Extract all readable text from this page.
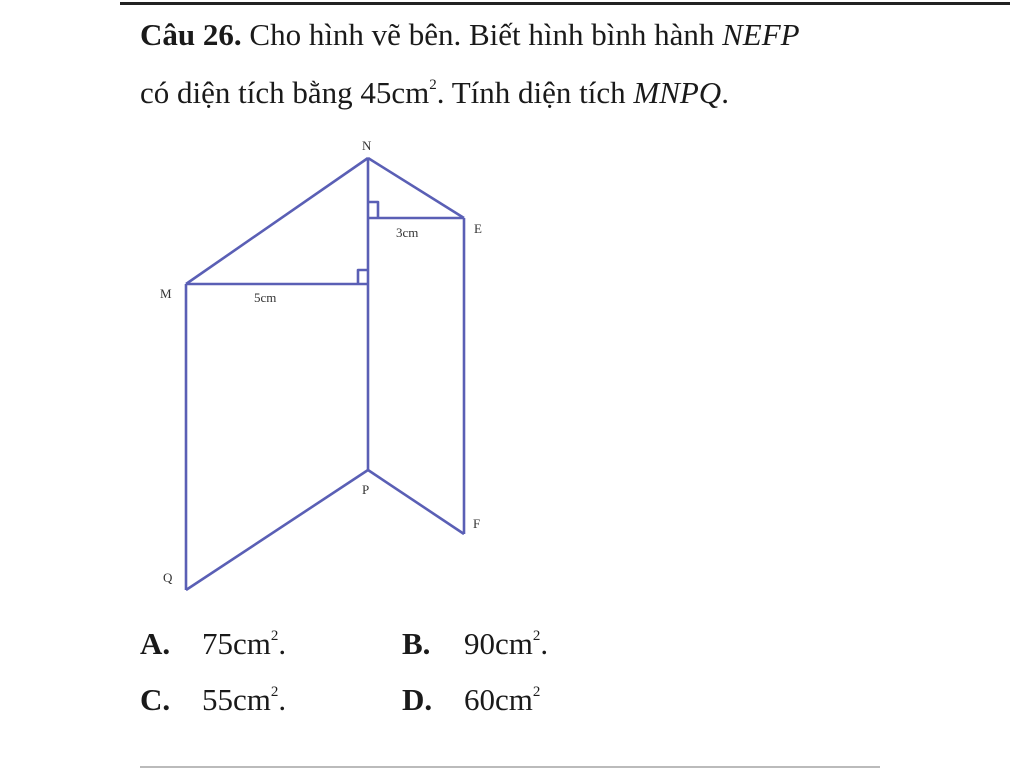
Câu 26. Cho hình vẽ bên. Biết hình bình hành NEFP
có diện tích bằng $45cm^2$. Tính diện tích MNPQ.
N
E
M
P
F
Q
3cm
5cm
A. $75cm^2$.	B. $90cm^2$.
C. $55cm^2$.	D. $60cm^2$
